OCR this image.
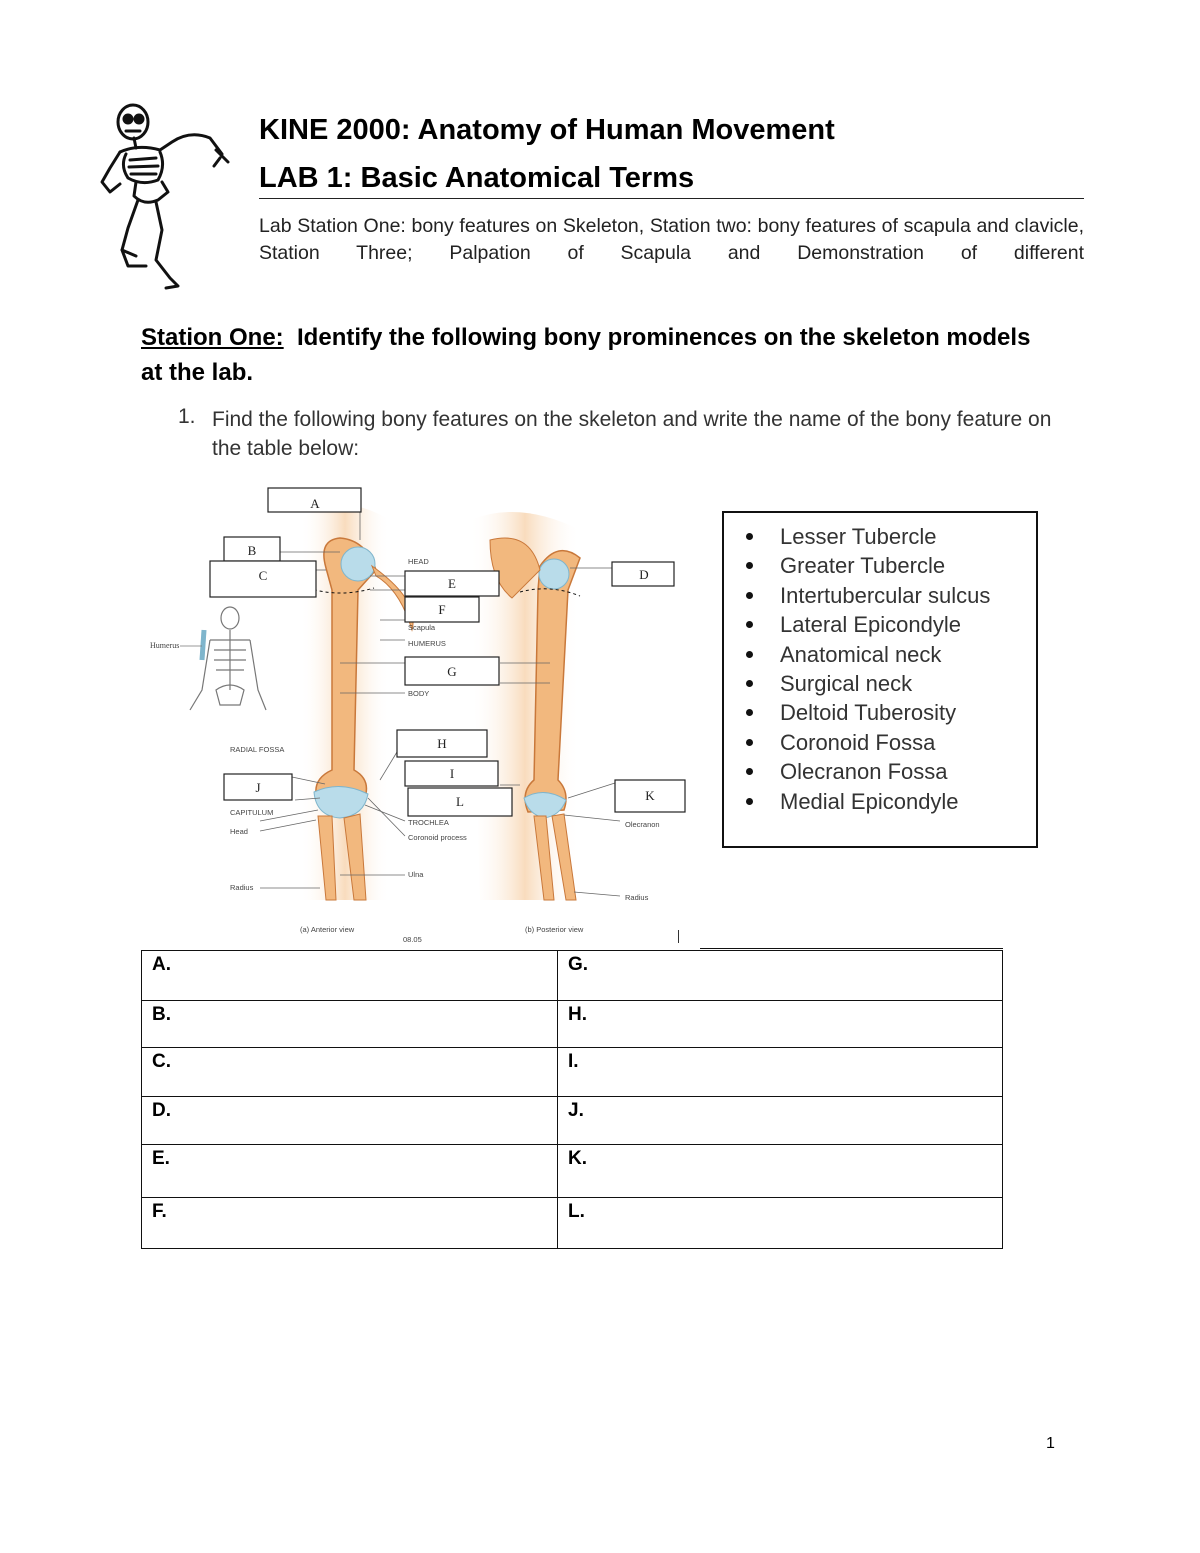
KINE 2000: Anatomy of Human Movement
LAB 1: Basic Anatomical Terms
Lab Station One: bony features on Skeleton, Station two: bony features of scapula and clavicle, Station Three; Palpation of Scapula and Demonstration of different
Station One: Identify the following bony prominences on the skeleton models at the lab.
1. Find the following bony features on the skeleton and write the name of the bony feature on the table below:
Humerus
A
B
C	D
E
F
G
H
I
J
K
L
HEAD
Scapula
HUMERUS
BODY
RADIAL FOSSA
CAPITULUM
Head
TROCHLEA
Coronoid process
Ulna
Radius
Olecranon
Radius
(a) Anterior view	(b) Posterior view
08.05
Lesser Tubercle
Greater Tubercle
Intertubercular sulcus
Lateral Epicondyle
Anatomical neck
Surgical neck
Deltoid Tuberosity
Coronoid Fossa
Olecranon Fossa
Medial Epicondyle
A.	G.
B.	H.
C.	I.
D.	J.
E.	K.
F.	L.
1
